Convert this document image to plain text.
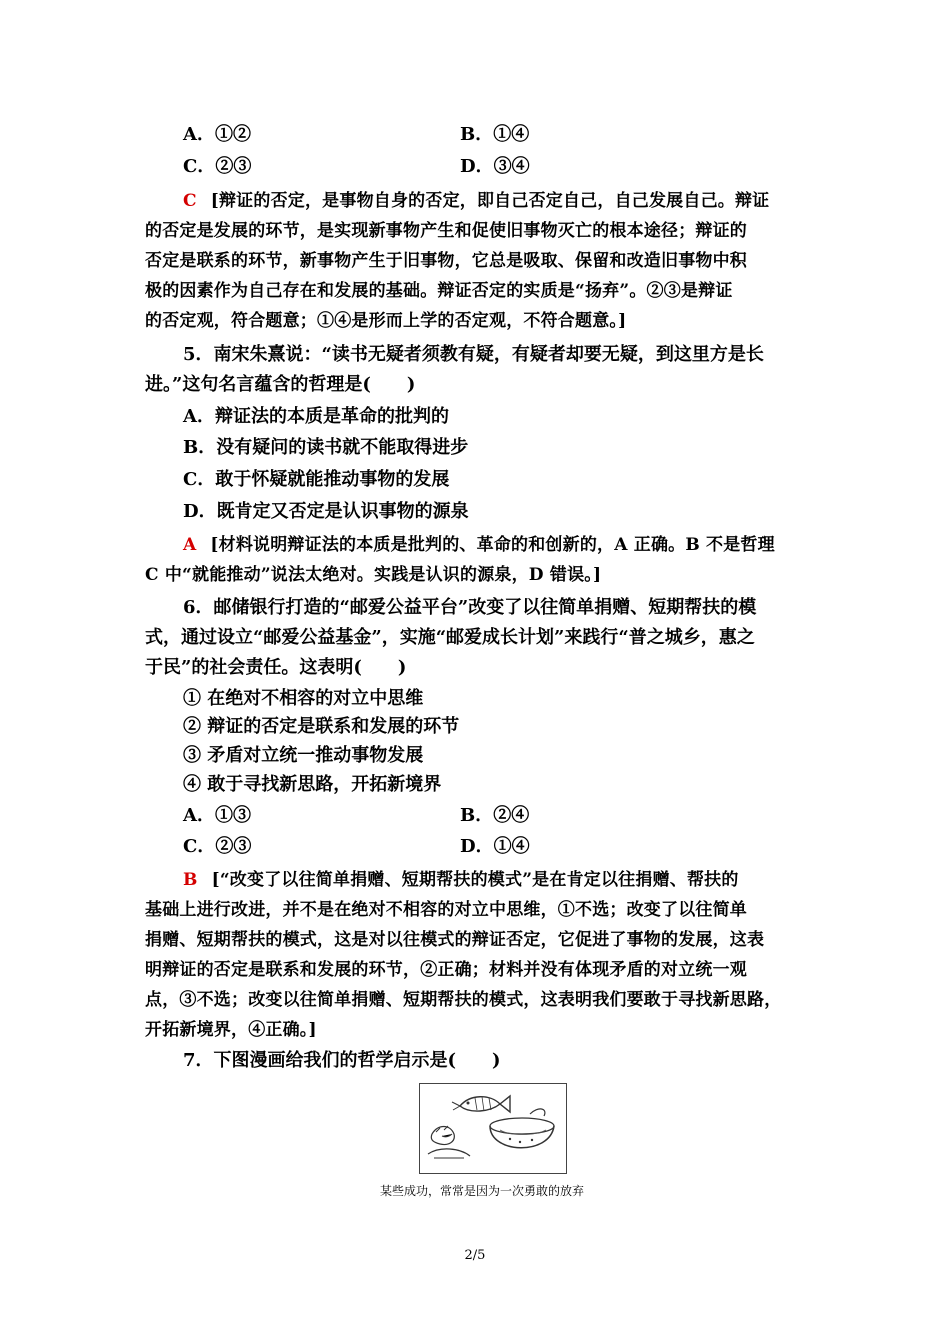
A．①②	B．①④
C．②③	D．③④
C [辩证的否定，是事物自身的否定，即自己否定自己，自己发展自己。辩证
的否定是发展的环节，是实现新事物产生和促使旧事物灭亡的根本途径；辩证的
否定是联系的环节，新事物产生于旧事物，它总是吸取、保留和改造旧事物中积
极的因素作为自己存在和发展的基础。辩证否定的实质是“扬弃”。②③是辩证
的否定观，符合题意；①④是形而上学的否定观，不符合题意。]
5．南宋朱熹说：“读书无疑者须教有疑，有疑者却要无疑，到这里方是长
进。”这句名言蕴含的哲理是(　　)
A．辩证法的本质是革命的批判的
B．没有疑问的读书就不能取得进步
C．敢于怀疑就能推动事物的发展
D．既肯定又否定是认识事物的源泉
A [材料说明辩证法的本质是批判的、革命的和创新的，A 正确。B 不是哲理
C 中“就能推动”说法太绝对。实践是认识的源泉，D 错误。]
6．邮储银行打造的“邮爱公益平台”改变了以往简单捐赠、短期帮扶的模
式，通过设立“邮爱公益基金”，实施“邮爱成长计划”来践行“普之城乡，惠之
于民”的社会责任。这表明(　　)
① 在绝对不相容的对立中思维
② 辩证的否定是联系和发展的环节
③ 矛盾对立统一推动事物发展
④ 敢于寻找新思路，开拓新境界
A．①③	B．②④
C．②③	D．①④
B [“改变了以往简单捐赠、短期帮扶的模式”是在肯定以往捐赠、帮扶的
基础上进行改进，并不是在绝对不相容的对立中思维，①不选；改变了以往简单
捐赠、短期帮扶的模式，这是对以往模式的辩证否定，它促进了事物的发展，这表
明辩证的否定是联系和发展的环节，②正确；材料并没有体现矛盾的对立统一观
点，③不选；改变以往简单捐赠、短期帮扶的模式，这表明我们要敢于寻找新思路，
开拓新境界，④正确。]
7．下图漫画给我们的哲学启示是(　　)
某些成功，常常是因为一次勇敢的放弃
2/5
